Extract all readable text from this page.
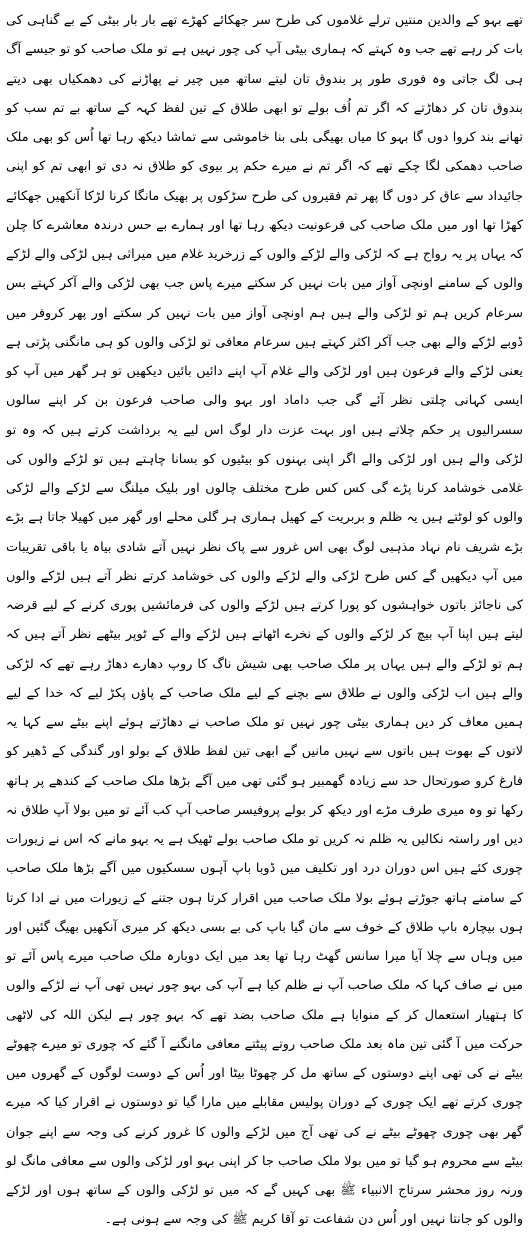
تھے بہو کے والدین منتیں ترلے غلاموں کی طرح سر جھکائے کھڑے تھے بار بار بیٹی کے بے گناہی کی بات کر رہے تھے جب وہ کہتے کہ ہماری بیٹی آپ کی چور نہیں ہے تو ملک صاحب کو تو جیسے آگ ہی لگ جاتی وہ فوری طور پر بندوق تان لیتے ساتھ میں چیر نے پھاڑنے کی دھمکیاں بھی دیتے بندوق تان کر دھاڑتے کہ اگر تم اُف بولے تو ابھی طلاق کے تین لفظ کہہ کے ساتھ بے تم سب کو تھانے بند کروا دوں گا بہو کا میاں بھیگی بلی بنا خاموشی سے تماشا دیکھ رہا تھا اُس کو بھی ملک صاحب دھمکی لگا چکے تھے کہ اگر تم نے میرے حکم پر بیوی کو طلاق نہ دی تو ابھی تم کو اپنی جائیداد سے عاق کر دوں گا پھر تم فقیروں کی طرح سڑکوں پر بھیک مانگا کرنا لڑکا آنکھیں جھکائے کھڑا تھا اور میں ملک صاحب کی فرعونیت دیکھ رہا تھا اور ہمارے بے حس درندہ معاشرے کا چلن کہ یہاں پر یہ رواج ہے کہ لڑکی والے لڑکے والوں کے زرخرید غلام میں میراثی ہیں لڑکی والے لڑکے والوں کے سامنے اونچی آواز میں بات نہیں کر سکتے میرے پاس جب بھی لڑکی والے آکر کہتے بس سرعام کریں ہم تو لڑکی والے ہیں ہم اونچی آواز میں بات نہیں کر سکتے اور پھر کروفر میں ڈوبے لڑکے والے بھی جب آکر اکثر کہتے ہیں سرعام معافی تو لڑکی والوں کو ہی مانگنی پڑتی ہے یعنی لڑکے والے فرعون ہیں اور لڑکی والے غلام آپ اپنے دائیں بائیں دیکھیں تو ہر گھر میں آپ کو ایسی کہانی چلتی نظر آئے گی جب داماد اور بہو والی صاحب فرعون بن کر اپنے سالوں سسرالیوں پر حکم چلاتے ہیں اور بہت عزت دار لوگ اس لیے یہ برداشت کرتے ہیں کہ وہ تو لڑکی والے ہیں اور لڑکی والے اگر اپنی بہنوں کو بیٹیوں کو بسانا چاہتے ہیں تو لڑکے والوں کی غلامی خوشامد کرنا پڑے گی کس کس طرح مختلف چالوں اور بلیک میلنگ سے لڑکے والے لڑکی والوں کو لوٹتے ہیں یہ ظلم و بربریت کے کھیل ہماری ہر گلی محلے اور گھر میں کھیلا جاتا ہے بڑے بڑے شریف نام نہاد مذہبی لوگ بھی اس غرور سے پاک نظر نہیں آتے شادی بیاہ یا باقی تقریبات میں آپ دیکھیں گے کس طرح لڑکی والے لڑکے والوں کی خوشامد کرتے نظر آتے ہیں لڑکے والوں کی ناجائز باتوں خواہشوں کو پورا کرتے ہیں لڑکے والوں کی فرمائشیں پوری کرنے کے لیے قرضہ لیتے ہیں اپنا آپ بیچ کر لڑکے والوں کے نخرے اٹھاتے ہیں لڑکے والے کے ٹوپر بیٹھے نظر آتے ہیں کہ ہم تو لڑکے والے ہیں یہاں پر ملک صاحب بھی شیش ناگ کا روپ دھارے دھاڑ رہے تھے کہ لڑکی والے ہیں اب لڑکی والوں نے طلاق سے بچنے کے لیے ملک صاحب کے پاؤں پکڑ لیے کہ خدا کے لیے ہمیں معاف کر دیں ہماری بیٹی چور نہیں تو ملک صاحب نے دھاڑتے ہوئے اپنے بیٹے سے کہا یہ لاتوں کے بھوت ہیں باتوں سے نہیں مانیں گے ابھی تین لفظ طلاق کے بولو اور گندگی کے ڈھیر کو فارغ کرو صورتحال حد سے زیادہ گھمبیر ہو گئی تھی میں آگے بڑھا ملک صاحب کے کندھے پر ہاتھ رکھا تو وہ میری طرف مڑے اور دیکھ کر بولے پروفیسر صاحب آپ کب آئے تو میں بولا آپ طلاق نہ دیں اور راستہ نکالیں یہ ظلم نہ کریں تو ملک صاحب بولے ٹھیک ہے یہ بہو مانے کہ اس نے زیورات چوری کئے ہیں اس دوران درد اور تکلیف میں ڈوبا باپ آہوں سسکیوں میں آگے بڑھا ملک صاحب کے سامنے ہاتھ جوڑتے ہوئے بولا ملک صاحب میں اقرار کرتا ہوں جتنے کے زیورات میں نے ادا کرتا ہوں بیچارہ باپ طلاق کے خوف سے مان گیا باپ کی بے بسی دیکھ کر میری آنکھیں بھیگ گئیں اور میں وہاں سے چلا آیا میرا سانس گھٹ رہا تھا بعد میں ایک دوبارہ ملک صاحب میرے پاس آئے تو میں نے صاف کہا کہ ملک صاحب آپ نے ظلم کیا ہے آپ کی بہو چور نہیں تھی آپ نے لڑکے والوں کا ہتھیار استعمال کر کے منوایا ہے ملک صاحب بضد تھے کہ بہو چور ہے لیکن اللہ کی لاٹھی حرکت میں آ گئی تین ماہ بعد ملک صاحب روتے پیٹتے معافی مانگنے آ گئے کہ چوری تو میرے چھوٹے بیٹے نے کی تھی اپنے دوستوں کے ساتھ مل کر چھوٹا بیٹا اور اُس کے دوست لوگوں کے گھروں میں چوری کرتے تھے ایک چوری کے دوران پولیس مقابلے میں مارا گیا تو دوستوں نے اقرار کیا کہ میرے گھر بھی چوری چھوٹے بیٹے نے کی تھی آج میں لڑکے والوں کا غرور کرنے کی وجہ سے اپنے جوان بیٹے سے محروم ہو گیا تو میں بولا ملک صاحب جا کر اپنی بہو اور لڑکی والوں سے معافی مانگ لو ورنہ روز محشر سرتاج الانبیاء ﷺ بھی کہیں گے کہ میں تو لڑکی والوں کے ساتھ ہوں اور لڑکے والوں کو جانتا نہیں اور اُس دن شفاعت تو آقا کریم ﷺ کی وجہ سے ہونی ہے۔
